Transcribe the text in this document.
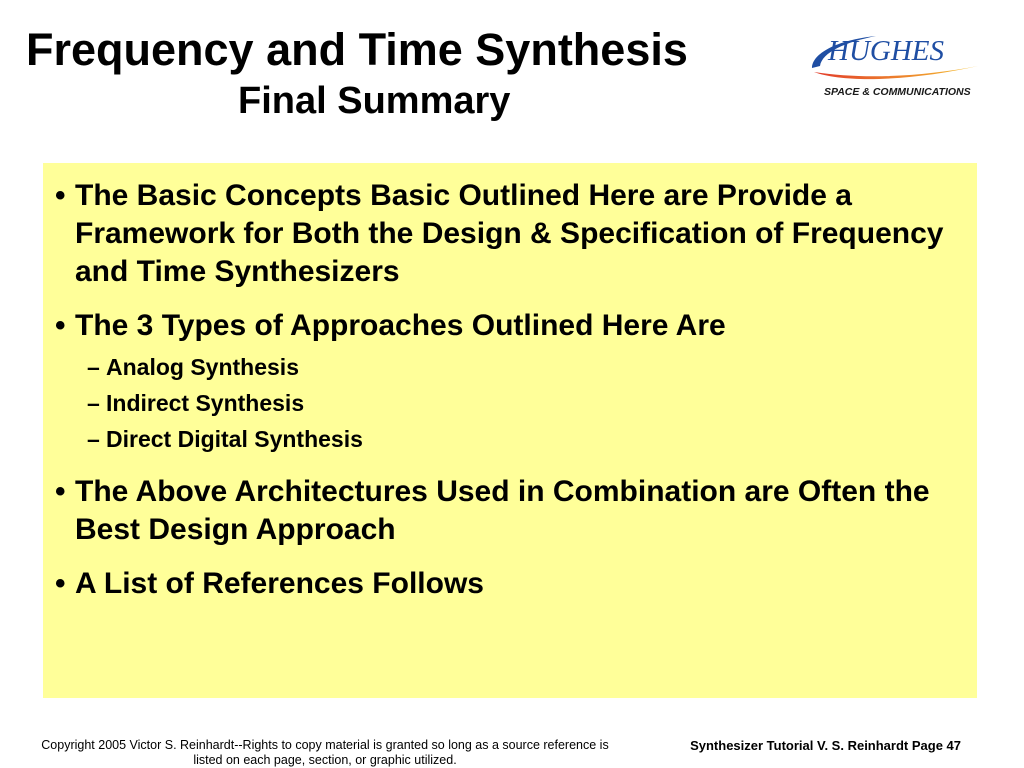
Frequency and Time Synthesis
Final Summary
HUGHES
SPACE & COMMUNICATIONS
• The Basic Concepts Basic Outlined Here are Provide a Framework for Both the Design & Specification of Frequency and Time Synthesizers
• The 3 Types of Approaches Outlined Here Are
– Analog Synthesis
– Indirect Synthesis
– Direct Digital Synthesis
• The Above Architectures Used in Combination are Often the Best Design Approach
• A List of References Follows
Copyright 2005 Victor S. Reinhardt--Rights to copy material is granted so long as a source reference is listed on each page, section, or graphic utilized.
Synthesizer Tutorial V. S. Reinhardt Page 47
